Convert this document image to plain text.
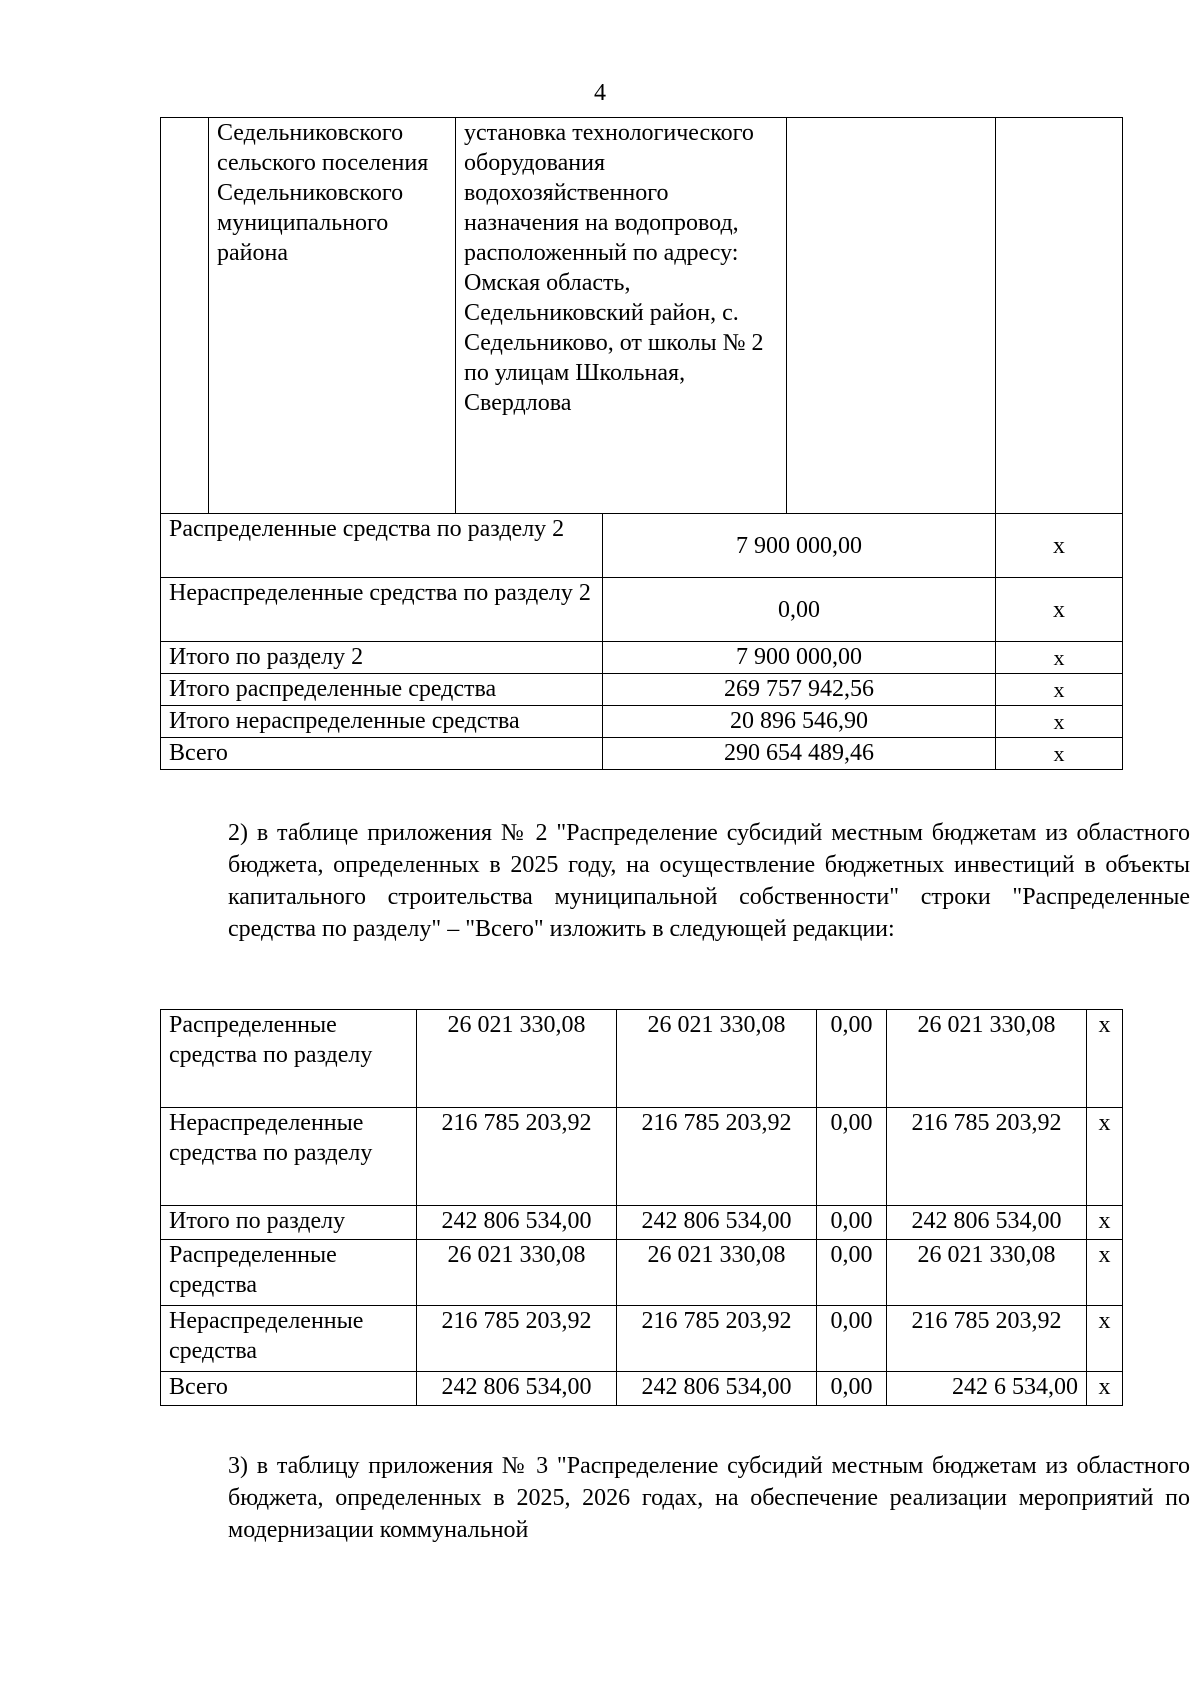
4
	Седельниковского сельского поселения Седельниковского муниципального района	установка технологического оборудования водохозяйственного назначения на водопровод, расположенный по адресу: Омская область, Седельниковский район, с. Седельниково, от школы № 2 по улицам Школьная, Свердлова			
Распределенные средства по разделу 2			7 900 000,00		x
Нераспределенные средства по разделу 2			0,00		x
Итого по разделу 2			7 900 000,00		x
Итого распределенные средства			269 757 942,56		x
Итого нераспределенные средства			20 896 546,90		x
Всего			290 654 489,46		x
2) в таблице приложения № 2 "Распределение субсидий местным бюджетам из областного бюджета, определенных в 2025 году, на осуществление бюджетных инвестиций в объекты капитального строительства муниципальной собственности" строки "Распределенные средства по разделу" – "Всего" изложить в следующей редакции:
Распределенные средства по разделу	26 021 330,08	26 021 330,08	0,00	26 021 330,08	x
Нераспределенные средства по разделу	216 785 203,92	216 785 203,92	0,00	216 785 203,92	x
Итого по разделу	242 806 534,00	242 806 534,00	0,00	242 806 534,00	x
Распределенные средства	26 021 330,08	26 021 330,08	0,00	26 021 330,08	x
Нераспределенные средства	216 785 203,92	216 785 203,92	0,00	216 785 203,92	x
Всего	242 806 534,00	242 806 534,00	0,00	242 6 534,00	x
3) в таблицу приложения № 3 "Распределение субсидий местным бюджетам из областного бюджета, определенных в 2025, 2026 годах, на обеспечение реализации мероприятий по модернизации коммунальной
